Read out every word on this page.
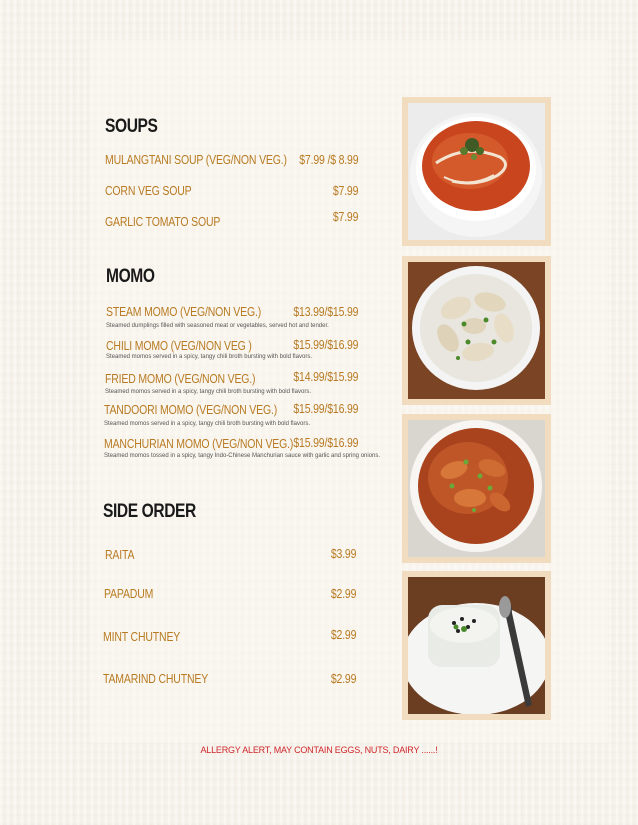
SOUPS
MULANGTANI SOUP (VEG/NON VEG.) $7.99 /$ 8.99
CORN VEG SOUP	$7.99
GARLIC TOMATO SOUP	$7.99
MOMO
STEAM MOMO (VEG/NON VEG.)	$13.99/$15.99
Steamed dumplings filled with seasoned meat or vegetables, served hot and tender.
CHILI MOMO (VEG/NON VEG )	$15.99/$16.99
Steamed momos served in a spicy, tangy chili broth bursting with bold flavors.
FRIED MOMO (VEG/NON VEG.)	$14.99/$15.99
Steamed momos served in a spicy, tangy chili broth bursting with bold flavors.
TANDOORI MOMO (VEG/NON VEG.) $15.99/$16.99
Steamed momos served in a spicy, tangy chili broth bursting with bold flavors.
MANCHURIAN MOMO (VEG/NON VEG.) $15.99/$16.99
Steamed momos tossed in a spicy, tangy Indo-Chinese Manchurian sauce with garlic and spring onions.
SIDE ORDER
RAITA	$3.99
PAPADUM	$2.99
MINT CHUTNEY	$2.99
TAMARIND CHUTNEY	$2.99
ALLERGY ALERT, MAY CONTAIN EGGS, NUTS, DAIRY ......!
